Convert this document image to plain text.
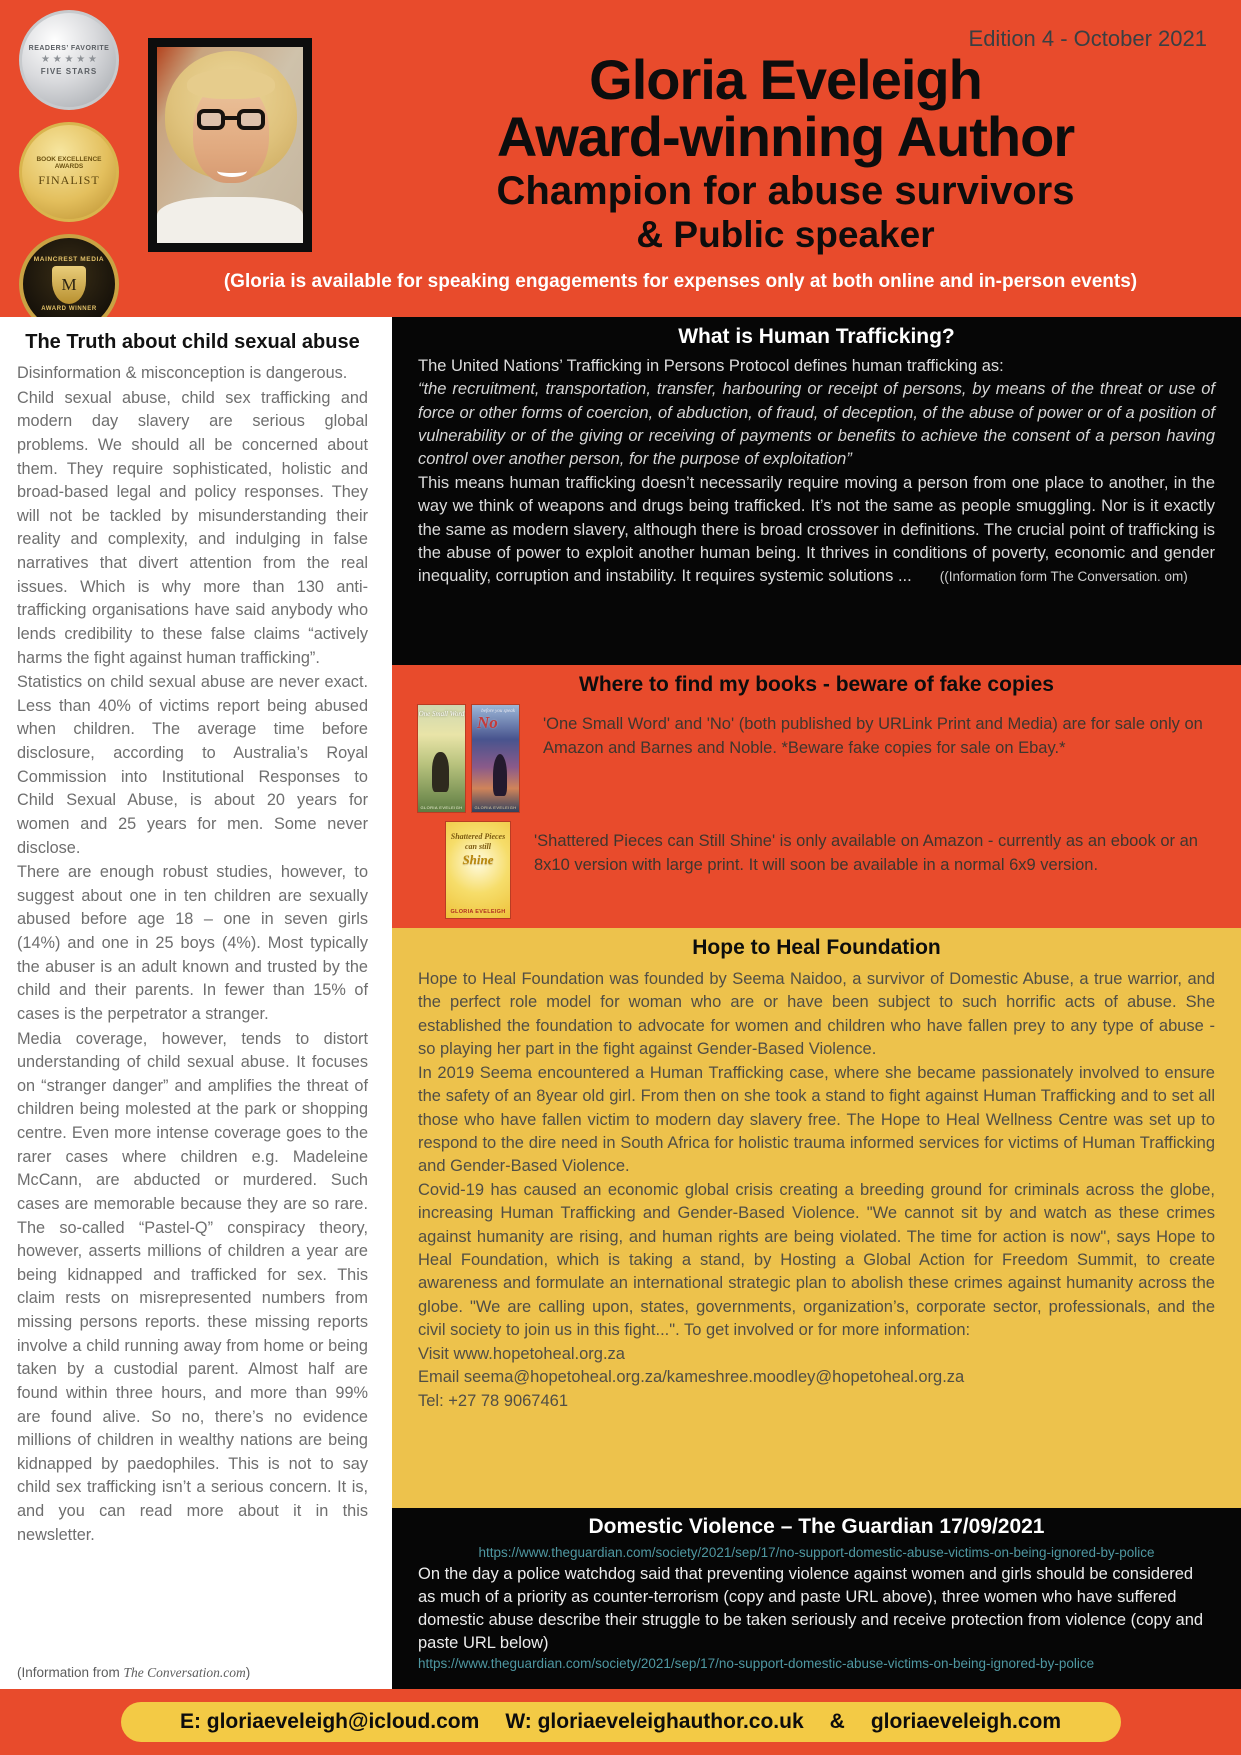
READERS’ FAVORITE
★ ★ ★ ★ ★
FIVE STARS
BOOK EXCELLENCE AWARDS
FINALIST
MAINCREST MEDIA
M
AWARD WINNER
Edition 4 - October 2021
Gloria Eveleigh
Award-winning Author
Champion for abuse survivors
& Public speaker
(Gloria is available for speaking engagements for expenses only at both online and in-person events)
The Truth about child sexual abuse

Disinformation & misconception is dangerous.

Child sexual abuse, child sex trafficking and modern day slavery are serious global problems. We should all be concerned about them. They require sophisticated, holistic and broad-based legal and policy responses. They will not be tackled by misunderstanding their reality and complexity, and indulging in false narratives that divert attention from the real issues. Which is why more than 130 anti-trafficking organisations have said anybody who lends credibility to these false claims “actively harms the fight against human trafficking”.

Statistics on child sexual abuse are never exact. Less than 40% of victims report being abused when children. The average time before disclosure, according to Australia’s Royal Commission into Institutional Responses to Child Sexual Abuse, is about 20 years for women and 25 years for men. Some never disclose.

There are enough robust studies, however, to suggest about one in ten children are sexually abused before age 18 – one in seven girls (14%) and one in 25 boys (4%). Most typically the abuser is an adult known and trusted by the child and their parents. In fewer than 15% of cases is the perpetrator a stranger.

Media coverage, however, tends to distort understanding of child sexual abuse. It focuses on “stranger danger” and amplifies the threat of children being molested at the park or shopping centre. Even more intense coverage goes to the rarer cases where children e.g. Madeleine McCann, are abducted or murdered. Such cases are memorable because they are so rare. The so-called “Pastel-Q” conspiracy theory, however, asserts millions of children a year are being kidnapped and trafficked for sex. This claim rests on misrepresented numbers from missing persons reports. these missing reports involve a child running away from home or being taken by a custodial parent. Almost half are found within three hours, and more than 99% are found alive. So no, there’s no evidence millions of children in wealthy nations are being kidnapped by paedophiles. This is not to say child sex trafficking isn’t a serious concern. It is, and you can read more about it in this newsletter.

(Information from The Conversation.com)

What is Human Trafficking?

The United Nations’ Trafficking in Persons Protocol defines human trafficking as:

“the recruitment, transportation, transfer, harbouring or receipt of persons, by means of the threat or use of force or other forms of coercion, of abduction, of fraud, of deception, of the abuse of power or of a position of vulnerability or of the giving or receiving of payments or benefits to achieve the consent of a person having control over another person, for the purpose of exploitation”

This means human trafficking doesn’t necessarily require moving a person from one place to another, in the way we think of weapons and drugs being trafficked. It’s not the same as people smuggling. Nor is it exactly the same as modern slavery, although there is broad crossover in definitions. The crucial point of trafficking is the abuse of power to exploit another human being. It thrives in conditions of poverty, economic and gender inequality, corruption and instability. It requires systemic solutions ... ((Information form The Conversation. om)

Where to find my books - beware of fake copies
One Small Word
GLORIA EVELEIGH
before you speak
No
GLORIA EVELEIGH

'One Small Word' and 'No' (both published by URLink Print and Media) are for sale only on Amazon and Barnes and Noble. *Beware fake copies for sale on Ebay.*

Shattered Pieces can still
Shine
GLORIA EVELEIGH

'Shattered Pieces can Still Shine' is only available on Amazon - currently as an ebook or an 8x10 version with large print. It will soon be available in a normal 6x9 version.

Hope to Heal Foundation

Hope to Heal Foundation was founded by Seema Naidoo, a survivor of Domestic Abuse, a true warrior, and the perfect role model for woman who are or have been subject to such horrific acts of abuse. She established the foundation to advocate for women and children who have fallen prey to any type of abuse - so playing her part in the fight against Gender-Based Violence.

In 2019 Seema encountered a Human Trafficking case, where she became passionately involved to ensure the safety of an 8year old girl. From then on she took a stand to fight against Human Trafficking and to set all those who have fallen victim to modern day slavery free. The Hope to Heal Wellness Centre was set up to respond to the dire need in South Africa for holistic trauma informed services for victims of Human Trafficking and Gender-Based Violence.

Covid-19 has caused an economic global crisis creating a breeding ground for criminals across the globe, increasing Human Trafficking and Gender-Based Violence. "We cannot sit by and watch as these crimes against humanity are rising, and human rights are being violated. The time for action is now", says Hope to Heal Foundation, which is taking a stand, by Hosting a Global Action for Freedom Summit, to create awareness and formulate an international strategic plan to abolish these crimes against humanity across the globe. "We are calling upon, states, governments, organization’s, corporate sector, professionals, and the civil society to join us in this fight...". To get involved or for more information:

Visit www.hopetoheal.org.za

Email seema@hopetoheal.org.za/kameshree.moodley@hopetoheal.org.za

Tel: +27 78 9067461

Domestic Violence – The Guardian 17/09/2021
https://www.theguardian.com/society/2021/sep/17/no-support-domestic-abuse-victims-on-being-ignored-by-police

On the day a police watchdog said that preventing violence against women and girls should be considered as much of a priority as counter-terrorism (copy and paste URL above), three women who have suffered domestic abuse describe their struggle to be taken seriously and receive protection from violence (copy and paste URL below)

https://www.theguardian.com/society/2021/sep/17/no-support-domestic-abuse-victims-on-being-ignored-by-police
E: gloriaeveleigh@icloud.com W: gloriaeveleighauthor.co.uk & gloriaeveleigh.com
